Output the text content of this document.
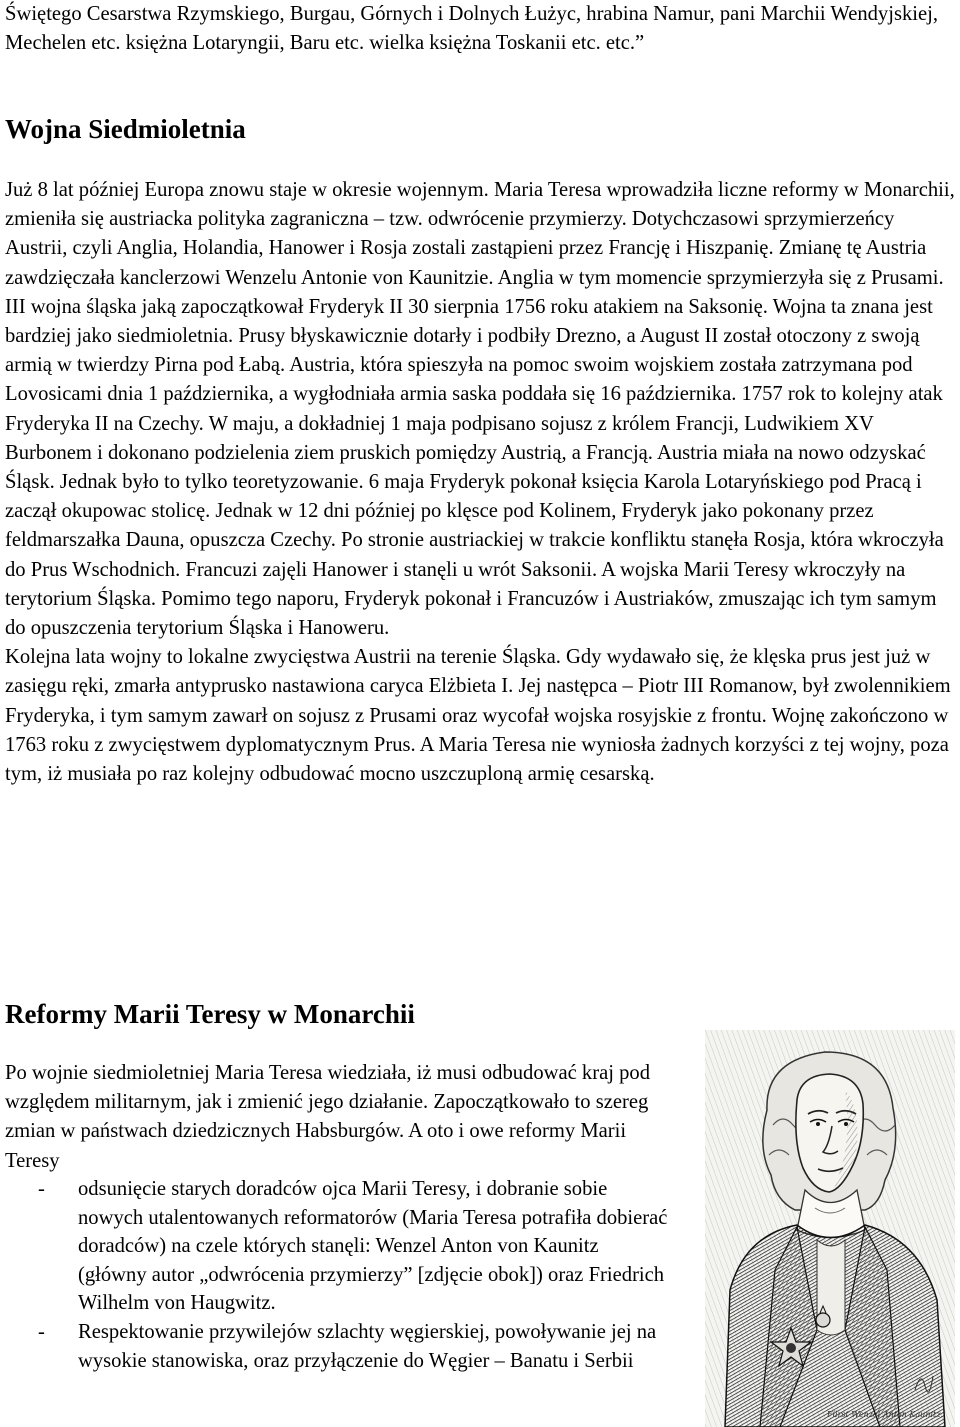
Świętego Cesarstwa Rzymskiego, Burgau, Górnych i Dolnych Łużyc, hrabina Namur, pani Marchii Wendyjskiej, Mechelen etc. księżna Lotaryngii, Baru etc. wielka księżna Toskanii etc. etc.”

Wojna Siedmioletnia

Już 8 lat później Europa znowu staje w okresie wojennym. Maria Teresa wprowadziła liczne reformy w Monarchii, zmieniła się austriacka polityka zagraniczna – tzw. odwrócenie przymierzy. Dotychczasowi sprzymierzeńcy Austrii, czyli Anglia, Holandia, Hanower i Rosja zostali zastąpieni przez Francję i Hiszpanię. Zmianę tę Austria zawdzięczała kanclerzowi Wenzelu Antonie von Kaunitzie. Anglia w tym momencie sprzymierzyła się z Prusami. III wojna śląska jaką zapoczątkował Fryderyk II 30 sierpnia 1756 roku atakiem na Saksonię. Wojna ta znana jest bardziej jako siedmioletnia. Prusy błyskawicznie dotarły i podbiły Drezno, a August II został otoczony z swoją armią w twierdzy Pirna pod Łabą. Austria, która spieszyła na pomoc swoim wojskiem została zatrzymana pod Lovosicami dnia 1 października, a wygłodniała armia saska poddała się 16 października. 1757 rok to kolejny atak Fryderyka II na Czechy. W maju, a dokładniej 1 maja podpisano sojusz z królem Francji, Ludwikiem XV Burbonem i dokonano podzielenia ziem pruskich pomiędzy Austrią, a Francją. Austria miała na nowo odzyskać Śląsk. Jednak było to tylko teoretyzowanie. 6 maja Fryderyk pokonał księcia Karola Lotaryńskiego pod Pracą i zaczął okupowac stolicę. Jednak w 12 dni później po klęsce pod Kolinem, Fryderyk jako pokonany przez feldmarszałka Dauna, opuszcza Czechy. Po stronie austriackiej w trakcie konfliktu stanęła Rosja, która wkroczyła do Prus Wschodnich. Francuzi zajęli Hanower i stanęli u wrót Saksonii. A wojska Marii Teresy wkroczyły na terytorium Śląska. Pomimo tego naporu, Fryderyk pokonał i Francuzów i Austriaków, zmuszając ich tym samym do opuszczenia terytorium Śląska i Hanoweru.

Kolejna lata wojny to lokalne zwycięstwa Austrii na terenie Śląska. Gdy wydawało się, że klęska prus jest już w zasięgu ręki, zmarła antyprusko nastawiona caryca Elżbieta I. Jej następca – Piotr III Romanow, był zwolennikiem Fryderyka, i tym samym zawarł on sojusz z Prusami oraz wycofał wojska rosyjskie z frontu. Wojnę zakończono w 1763 roku z zwycięstwem dyplomatycznym Prus. A Maria Teresa nie wyniosła żadnych korzyści z tej wojny, poza tym, iż musiała po raz kolejny odbudować mocno uszczuploną armię cesarską.

Reformy Marii Teresy w Monarchii

Po wojnie siedmioletniej Maria Teresa wiedziała, iż musi odbudować kraj pod względem militarnym, jak i zmienić jego działanie. Zapoczątkowało to szereg zmian w państwach dziedzicznych Habsburgów. A oto i owe reformy Marii Teresy

- odsunięcie starych doradców ojca Marii Teresy, i dobranie sobie nowych utalentowanych reformatorów (Maria Teresa potrafiła dobierać doradców) na czele których stanęli: Wenzel Anton von Kaunitz (główny autor „odwrócenia przymierzy” [zdjęcie obok]) oraz Friedrich Wilhelm von Haugwitz.
- Respektowanie przywilejów szlachty węgierskiej, powoływanie jej na wysokie stanowiska, oraz przyłączenie do Węgier – Banatu i Serbii
Fürst Wenzel Anton Kaunitz.
